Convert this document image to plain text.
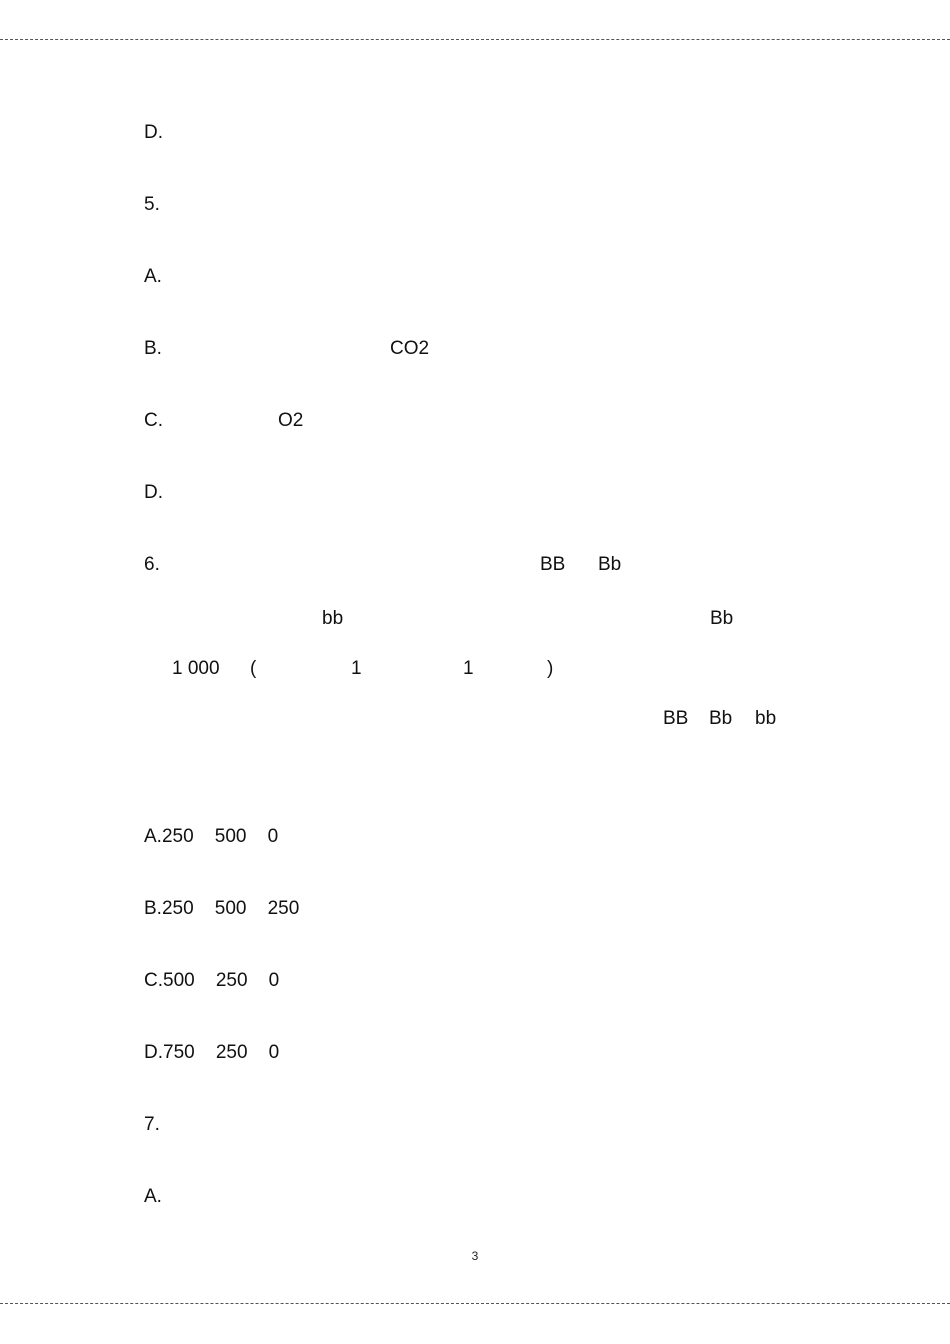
D.
5.
A.
B.	CO2
C.	O2
D.
6.	BB Bb
bb	Bb
1 000 (	1	1	)
BB Bb bb
A.250    500    0
B.250    500    250
C.500    250    0
D.750    250    0
7.
A.
3
